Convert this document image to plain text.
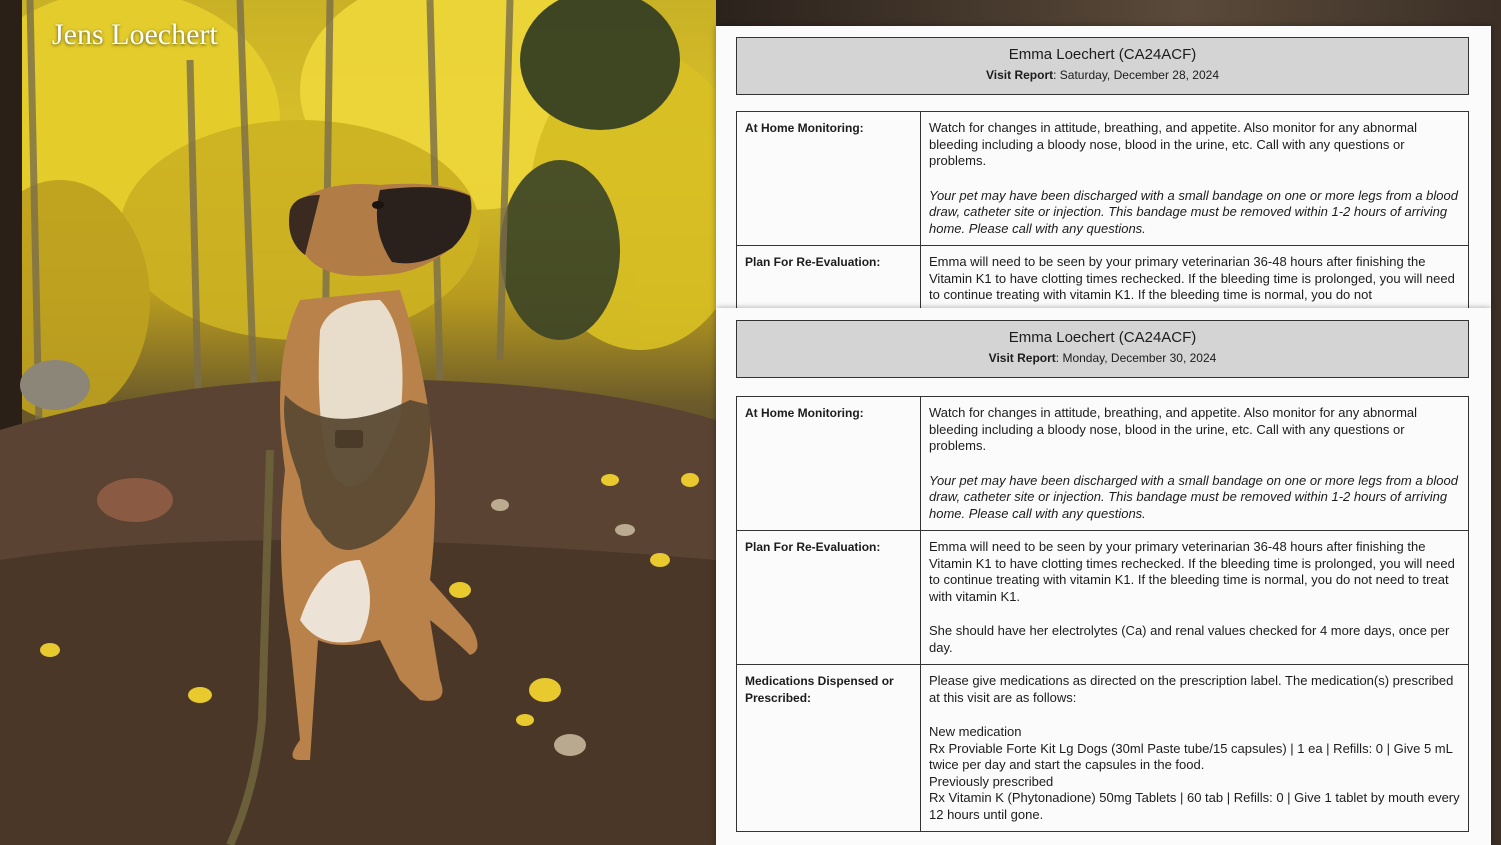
Jens Loechert
Emma Loechert (CA24ACF)
Visit Report: Saturday, December 28, 2024
At Home Monitoring:	Watch for changes in attitude, breathing, and appetite. Also monitor for any abnormal bleeding including a bloody nose, blood in the urine, etc. Call with any questions or problems.

Your pet may have been discharged with a small bandage on one or more legs from a blood draw, catheter site or injection. This bandage must be removed within 1-2 hours of arriving home. Please call with any questions.

Plan For Re-Evaluation:	Emma will need to be seen by your primary veterinarian 36-48 hours after finishing the Vitamin K1 to have clotting times rechecked. If the bleeding time is prolonged, you will need to continue treating with vitamin K1. If the bleeding time is normal, you do not

Emma Loechert (CA24ACF)
Visit Report: Monday, December 30, 2024
At Home Monitoring:	Watch for changes in attitude, breathing, and appetite. Also monitor for any abnormal bleeding including a bloody nose, blood in the urine, etc. Call with any questions or problems.

Your pet may have been discharged with a small bandage on one or more legs from a blood draw, catheter site or injection. This bandage must be removed within 1-2 hours of arriving home. Please call with any questions.

Plan For Re-Evaluation:	Emma will need to be seen by your primary veterinarian 36-48 hours after finishing the Vitamin K1 to have clotting times rechecked. If the bleeding time is prolonged, you will need to continue treating with vitamin K1. If the bleeding time is normal, you do not need to treat with vitamin K1.

She should have her electrolytes (Ca) and renal values checked for 4 more days, once per day.

Medications Dispensed or Prescribed:	Please give medications as directed on the prescription label. The medication(s) prescribed at this visit are as follows:

New medication

Rx Proviable Forte Kit Lg Dogs (30ml Paste tube/15 capsules) | 1 ea | Refills: 0 | Give 5 mL twice per day and start the capsules in the food.

Previously prescribed

Rx Vitamin K (Phytonadione) 50mg Tablets | 60 tab | Refills: 0 | Give 1 tablet by mouth every 12 hours until gone.
